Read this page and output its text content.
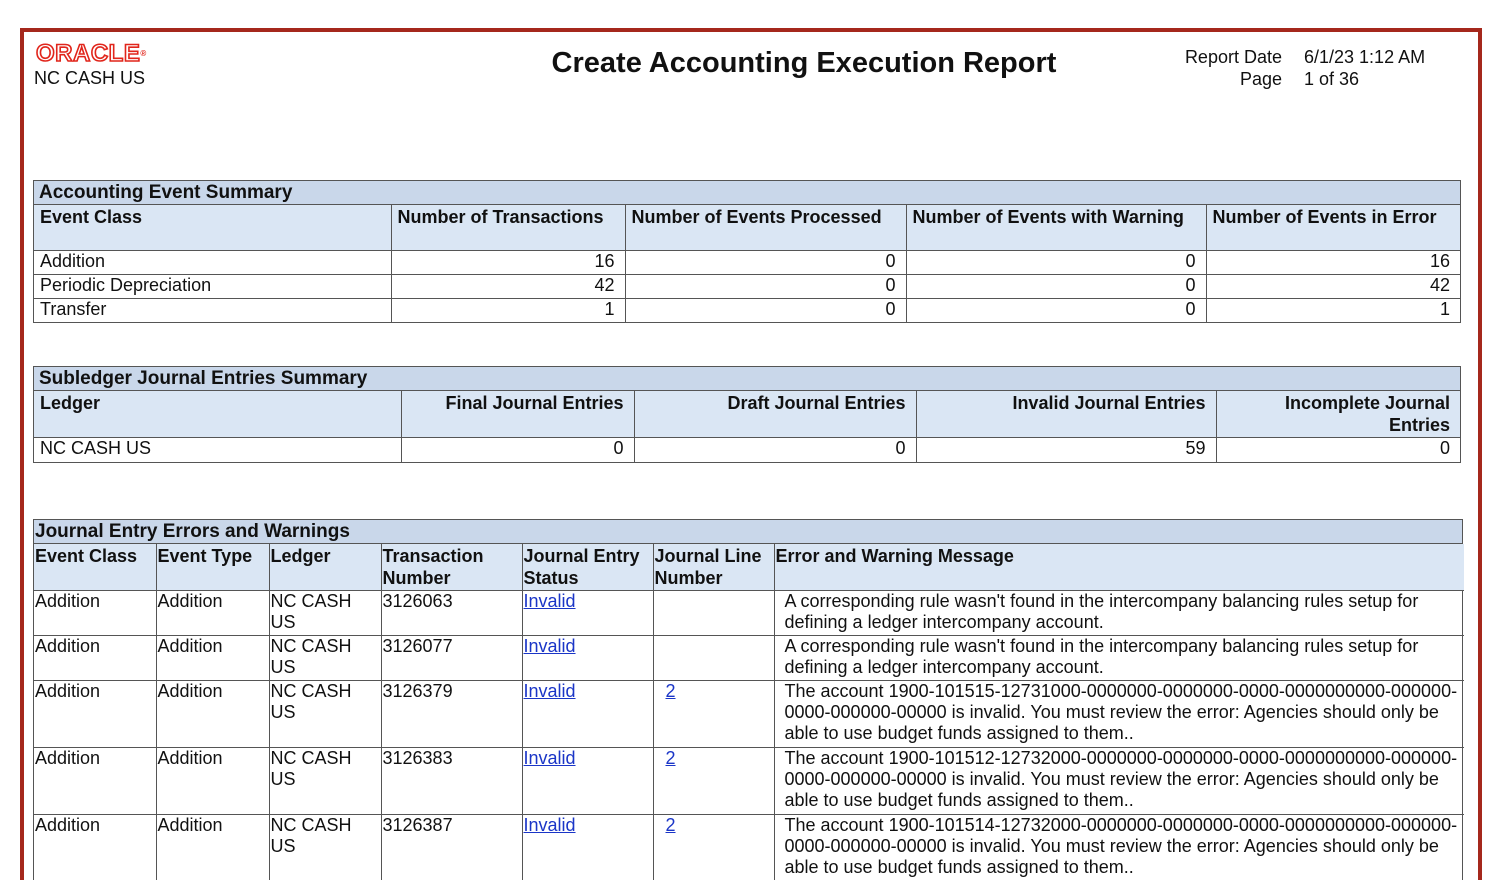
ORACLE®
NC CASH US	Create Accounting Execution Report	Report Date
Page
6/1/23 1:12 AM
1 of 36
Accounting Event Summary
Event Class	Number of Transactions	Number of Events Processed	Number of Events with Warning	Number of Events in Error
Addition	16	0	0	16
Periodic Depreciation	42	0	0	42
Transfer	1	0	0	1
Subledger Journal Entries Summary
Ledger	Final Journal Entries	Draft Journal Entries	Invalid Journal Entries	Incomplete Journal Entries
NC CASH US	0	0	59	0
Journal Entry Errors and Warnings
Event Class	Event Type	Ledger	Transaction Number	Journal Entry Status	Journal Line Number	Error and Warning Message
Addition	Addition	NC CASH US	3126063	Invalid		A corresponding rule wasn't found in the intercompany balancing rules setup for defining a ledger intercompany account.
Addition	Addition	NC CASH US	3126077	Invalid		A corresponding rule wasn't found in the intercompany balancing rules setup for defining a ledger intercompany account.
Addition	Addition	NC CASH US	3126379	Invalid	2	The account 1900-101515-12731000-0000000-0000000-0000-0000000000-000000-0000-000000-00000 is invalid. You must review the error: Agencies should only be able to use budget funds assigned to them..
Addition	Addition	NC CASH US	3126383	Invalid	2	The account 1900-101512-12732000-0000000-0000000-0000-0000000000-000000-0000-000000-00000 is invalid. You must review the error: Agencies should only be able to use budget funds assigned to them..
Addition	Addition	NC CASH US	3126387	Invalid	2	The account 1900-101514-12732000-0000000-0000000-0000-0000000000-000000-0000-000000-00000 is invalid. You must review the error: Agencies should only be able to use budget funds assigned to them..
